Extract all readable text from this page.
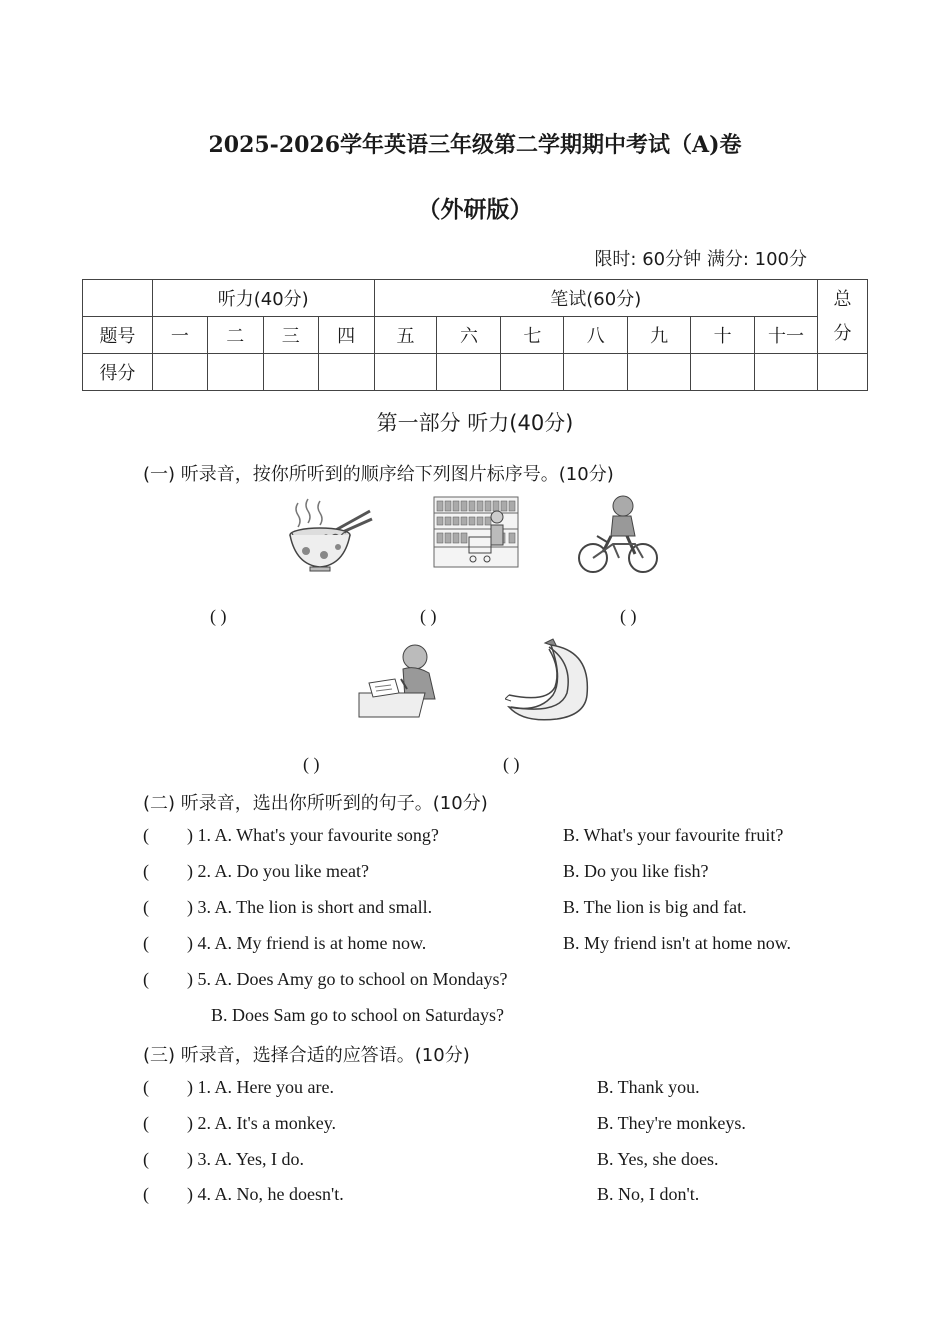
2025-2026学年英语三年级第二学期期中考试（A)卷
（外研版）
限时: 60分钟 满分: 100分
	听力(40分)				笔试(60分)							总分

题号	一	二	三	四	五	六	七	八	九	十	十一	
得分												
第一部分 听力(40分)
(一) 听录音，按你所听到的顺序给下列图片标序号。(10分)
( )	( )	( )
( )	( )
(二) 听录音，选出你所听到的句子。(10分)
( ) 1. A. What's your favourite song?	B. What's your favourite fruit?
( ) 2. A. Do you like meat?	B. Do you like fish?
( ) 3. A. The lion is short and small.	B. The lion is big and fat.
( ) 4. A. My friend is at home now.	B. My friend isn't at home now.
( ) 5. A. Does Amy go to school on Mondays?
B. Does Sam go to school on Saturdays?
(三) 听录音，选择合适的应答语。(10分)
( ) 1. A. Here you are.	B. Thank you.
( ) 2. A. It's a monkey.	B. They're monkeys.
( ) 3. A. Yes, I do.	B. Yes, she does.
( ) 4. A. No, he doesn't.	B. No, I don't.
